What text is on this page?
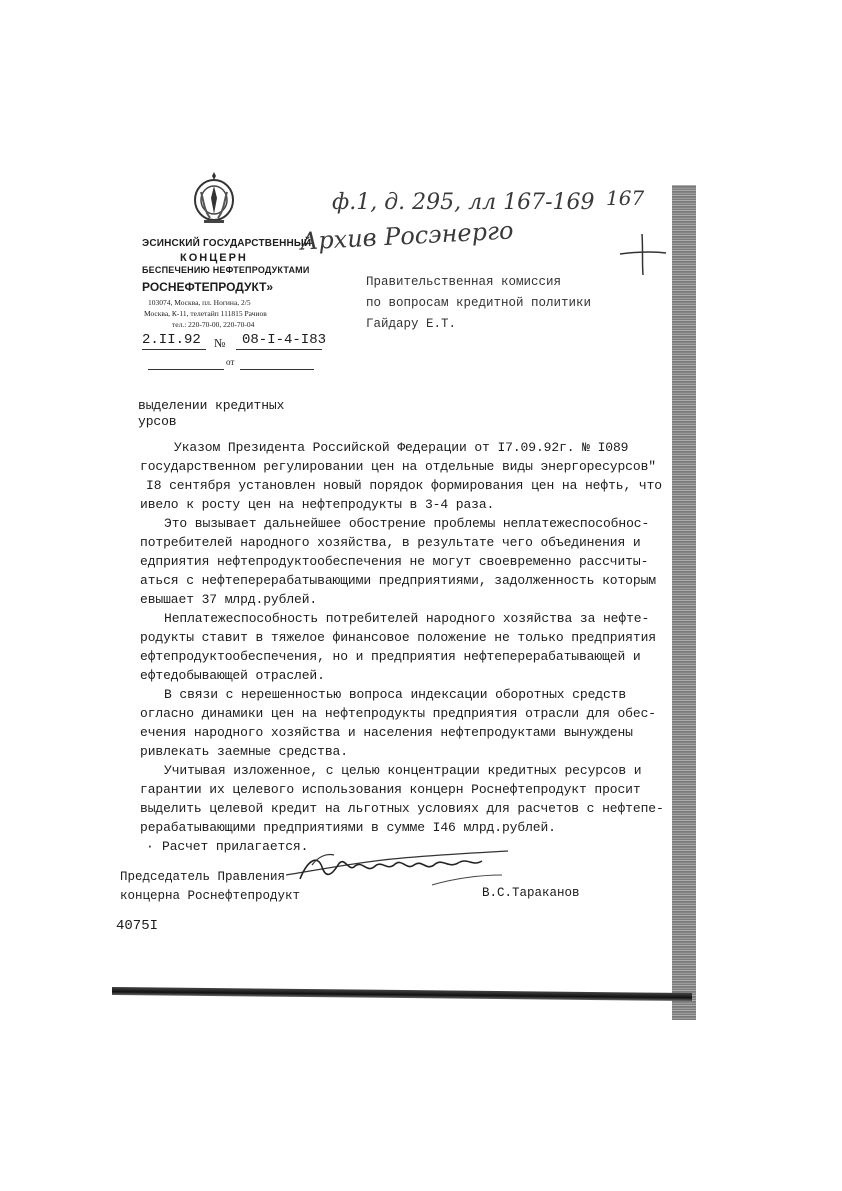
ф.1, д. 295, лл 167-169 167
Архив Росэнерго
ЭСИНСКИЙ ГОСУДАРСТВЕННЫЙ
КОНЦЕРН
БЕСПЕЧЕНИЮ НЕФТЕПРОДУКТАМИ
РОСНЕФТЕПРОДУКТ»
103074, Москва, пл. Ногина, 2/5
Москва, К-11, телетайп 111815 Рачиов
тел.: 220-70-00, 220-70-04
2.II.92 № 08-I-4-I83
от
Правительственная комиссия
по вопросам кредитной политики
Гайдару Е.Т.
выделении кредитных
урсов
Указом Президента Российской Федерации от I7.09.92г. № I089
государственном регулировании цен на отдельные виды энергоресурсов"
I8 сентября установлен новый порядок формирования цен на нефть, что
ивело к росту цен на нефтепродукты в 3-4 раза.
Это вызывает дальнейшее обострение проблемы неплатежеспособнос-
потребителей народного хозяйства, в результате чего объединения и
едприятия нефтепродуктообеспечения не могут своевременно рассчиты-
аться с нефтеперерабатывающими предприятиями, задолженность которым
евышает 37 млрд.рублей.
Неплатежеспособность потребителей народного хозяйства за нефте-
родукты ставит в тяжелое финансовое положение не только предприятия
ефтепродуктообеспечения, но и предприятия нефтеперерабатывающей и
ефтедобывающей отраслей.
В связи с нерешенностью вопроса индексации оборотных средств
огласно динамики цен на нефтепродукты предприятия отрасли для обес-
ечения народного хозяйства и населения нефтепродуктами вынуждены
ривлекать заемные средства.
Учитывая изложенное, с целью концентрации кредитных ресурсов и
гарантии их целевого использования концерн Роснефтепродукт просит
выделить целевой кредит на льготных условиях для расчетов с нефтепе-
рерабатывающими предприятиями в сумме I46 млрд.рублей.
Расчет прилагается.
·
Председатель Правления
концерна Роснефтепродукт	В.С.Тараканов
4075I
